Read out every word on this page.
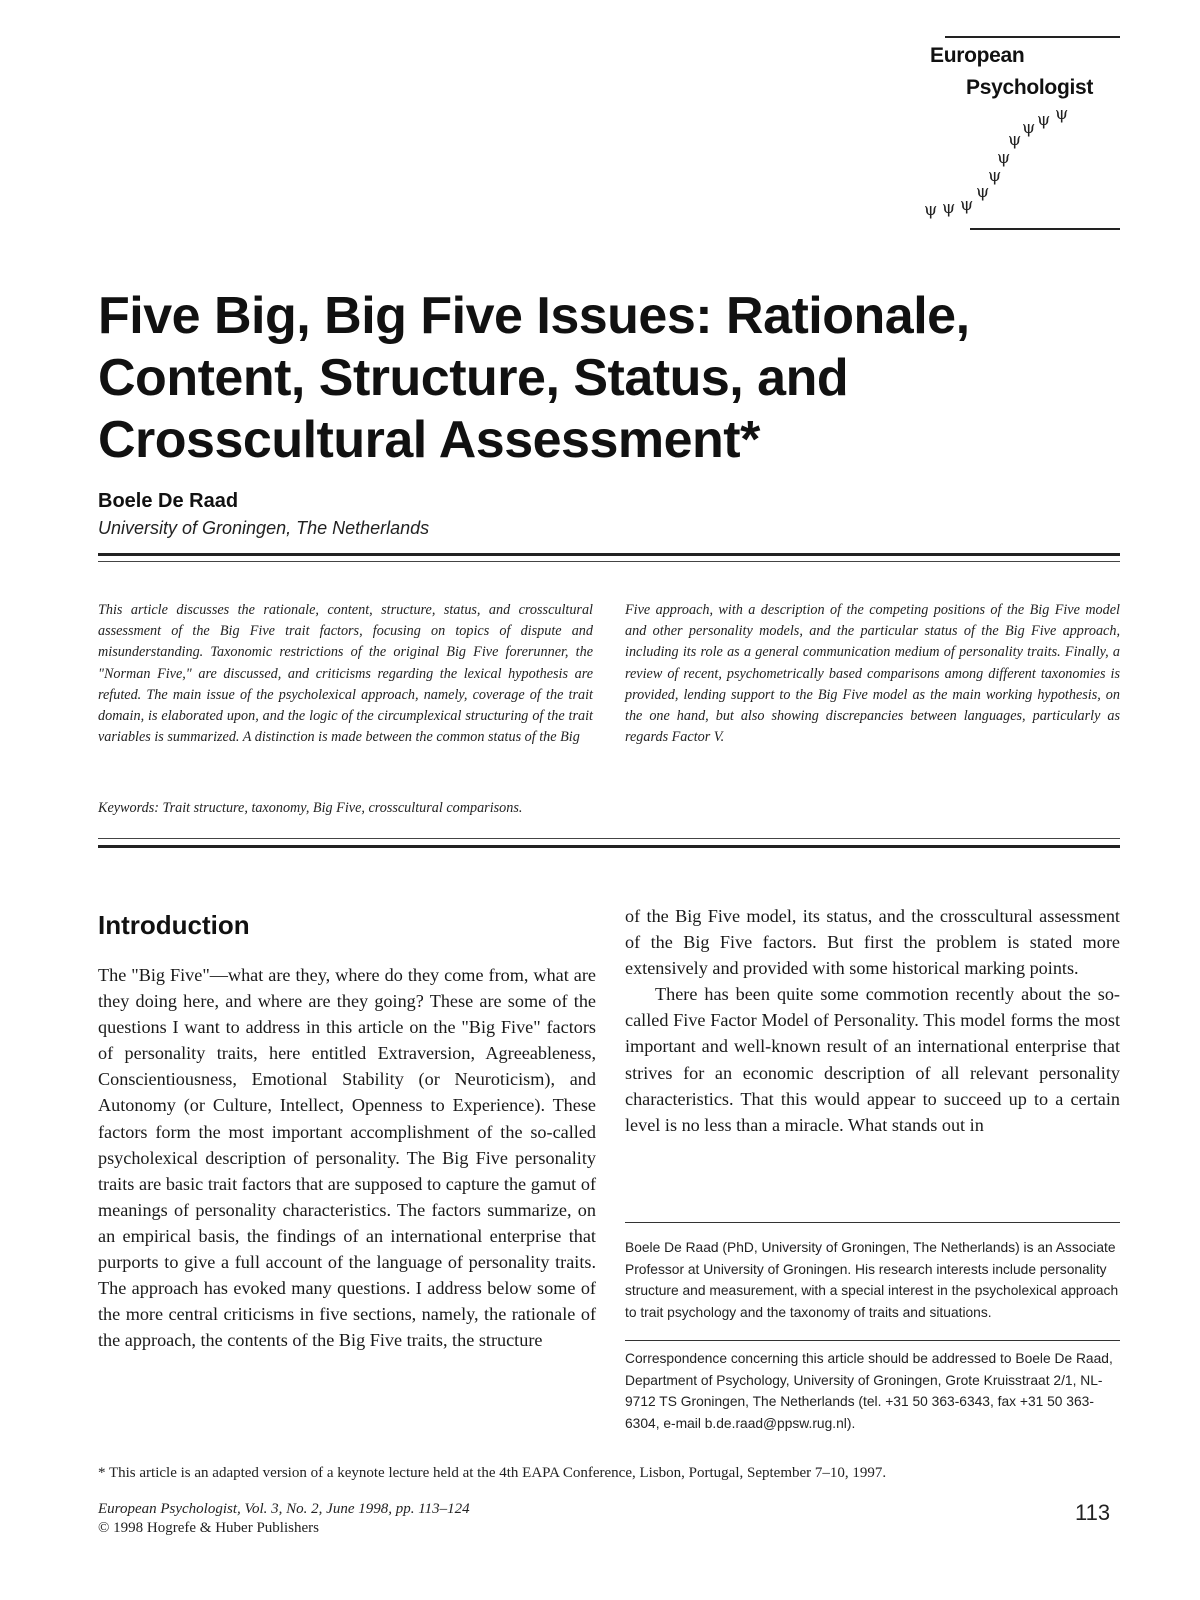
European
Psychologist
ψ
ψ
ψ
ψ
ψ
ψ
ψ
ψ
ψ
ψ
Five Big, Big Five Issues: Rationale, Content, Structure, Status, and Crosscultural Assessment*
Boele De Raad
University of Groningen, The Netherlands
This article discusses the rationale, content, structure, status, and crosscultural assessment of the Big Five trait factors, focusing on topics of dispute and misunderstanding. Taxonomic restrictions of the original Big Five forerunner, the "Norman Five," are discussed, and criticisms regarding the lexical hypothesis are refuted. The main issue of the psycholexical approach, namely, coverage of the trait domain, is elaborated upon, and the logic of the circumplexical structuring of the trait variables is summarized. A distinction is made between the common status of the Big
Five approach, with a description of the competing positions of the Big Five model and other personality models, and the particular status of the Big Five approach, including its role as a general communication medium of personality traits. Finally, a review of recent, psychometrically based comparisons among different taxonomies is provided, lending support to the Big Five model as the main working hypothesis, on the one hand, but also showing discrepancies between languages, particularly as regards Factor V.
Keywords: Trait structure, taxonomy, Big Five, crosscultural comparisons.
Introduction

The "Big Five"—what are they, where do they come from, what are they doing here, and where are they going? These are some of the questions I want to address in this article on the "Big Five" factors of personality traits, here entitled Extraversion, Agreeableness, Conscientiousness, Emotional Stability (or Neuroticism), and Autonomy (or Culture, Intellect, Openness to Experience). These factors form the most important accomplishment of the so-called psycholexical description of personality. The Big Five personality traits are basic trait factors that are supposed to capture the gamut of meanings of personality characteristics. The factors summarize, on an empirical basis, the findings of an international enterprise that purports to give a full account of the language of personality traits. The approach has evoked many questions. I address below some of the more central criticisms in five sections, namely, the rationale of the approach, the contents of the Big Five traits, the structure

of the Big Five model, its status, and the crosscultural assessment of the Big Five factors. But first the problem is stated more extensively and provided with some historical marking points.

There has been quite some commotion recently about the so-called Five Factor Model of Personality. This model forms the most important and well-known result of an international enterprise that strives for an economic description of all relevant personality characteristics. That this would appear to succeed up to a certain level is no less than a miracle. What stands out in

Boele De Raad (PhD, University of Groningen, The Netherlands) is an Associate Professor at University of Groningen. His research interests include personality structure and measurement, with a special interest in the psycholexical approach to trait psychology and the taxonomy of traits and situations.
Correspondence concerning this article should be addressed to Boele De Raad, Department of Psychology, University of Groningen, Grote Kruisstraat 2/1, NL-9712 TS Groningen, The Netherlands (tel. +31 50 363-6343, fax +31 50 363-6304, e-mail b.de.raad@ppsw.rug.nl).
* This article is an adapted version of a keynote lecture held at the 4th EAPA Conference, Lisbon, Portugal, September 7–10, 1997.
European Psychologist, Vol. 3, No. 2, June 1998, pp. 113–124
© 1998 Hogrefe & Huber Publishers
113
